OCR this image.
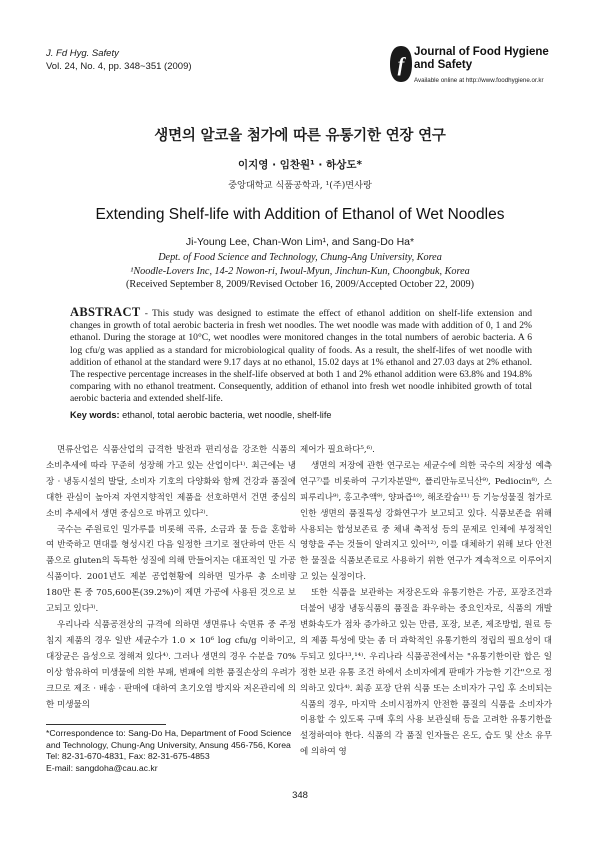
J. Fd Hyg. Safety
Vol. 24, No. 4, pp. 348~351 (2009)	f
Journal of Food Hygiene
and Safety
Available online at http://www.foodhygiene.or.kr
생면의 알코올 첨가에 따른 유통기한 연장 연구
이지영 · 임찬원¹ · 하상도*
중앙대학교 식품공학과, ¹(주)면사랑
Extending Shelf-life with Addition of Ethanol of Wet Noodles
Ji-Young Lee, Chan-Won Lim¹, and Sang-Do Ha*
Dept. of Food Science and Technology, Chung-Ang University, Korea
¹Noodle-Lovers Inc, 14-2 Nowon-ri, Iwoul-Myun, Jinchun-Kun, Choongbuk, Korea
(Received September 8, 2009/Revised October 16, 2009/Accepted October 22, 2009)
ABSTRACT - This study was designed to estimate the effect of ethanol addition on shelf-life extension and changes in growth of total aerobic bacteria in fresh wet noodles. The wet noodle was made with addition of 0, 1 and 2% ethanol. During the storage at 10°C, wet noodles were monitored changes in the total numbers of aerobic bacteria. A 6 log cfu/g was applied as a standard for microbiological quality of foods. As a result, the shelf-lifes of wet noodle with addition of ethanol at the standard were 9.17 days at no ethanol, 15.02 days at 1% ethanol and 27.03 days at 2% ethanol. The respective percentage increases in the shelf-life observed at both 1 and 2% ethanol addition were 63.8% and 194.8% comparing with no ethanol treatment. Consequently, addition of ethanol into fresh wet noodle inhibited growth of total aerobic bacteria and extended shelf-life.
Key words: ethanol, total aerobic bacteria, wet noodle, shelf-life

면류산업은 식품산업의 급격한 발전과 편리성을 강조한 식품의 소비추세에 따라 꾸준히 성장해 가고 있는 산업이다¹⁾. 최근에는 냉장 · 냉동시설의 발달, 소비자 기호의 다양화와 함께 건강과 품질에 대한 관심이 높아져 자연지향적인 제품을 선호하면서 건면 중심의 소비 추세에서 생면 중심으로 바뀌고 있다²⁾.

국수는 주원료인 밀가루를 비롯해 곡류, 소금과 물 등을 혼합하여 반죽하고 면대를 형성시킨 다음 일정한 크기로 절단하여 만든 식품으로 gluten의 독특한 성질에 의해 만들어지는 대표적인 밀 가공식품이다. 2001년도 제분 공업현황에 의하면 밀가루 총 소비량 180만 톤 중 705,600톤(39.2%)이 제면 가공에 사용된 것으로 보고되고 있다³⁾.

우리나라 식품공전상의 규격에 의하면 생면류나 숙면류 중 주정 침지 제품의 경우 일반 세균수가 1.0 × 10⁶ log cfu/g 이하이고, 대장균은 음성으로 정해져 있다⁴⁾. 그러나 생면의 경우 수분을 70% 이상 함유하여 미생물에 의한 부패, 변패에 의한 품질손상의 우려가 크므로 제조 · 배송 · 판매에 대하여 초기오염 방지와 저온관리에 의한 미생물의

제어가 필요하다⁵,⁶⁾.

생면의 저장에 관한 연구로는 세균수에 의한 국수의 저장성 예측 연구⁷⁾를 비롯하여 구기자분말⁸⁾, 폴리만뉴로닉산⁹⁾, Pediocin⁸⁾, 스피루리나⁹⁾, 홍고추액⁹⁾, 양파즙¹⁰⁾, 해조칼슘¹¹⁾ 등 기능성물질 첨가로 인한 생면의 품질특성 강화연구가 보고되고 있다. 식품보존을 위해 사용되는 합성보존료 중 체내 축적성 등의 문제로 인체에 부정적인 영향을 주는 것들이 알려지고 있어¹²⁾, 이를 대체하기 위해 보다 안전한 물질을 식품보존료로 사용하기 위한 연구가 계속적으로 이루어지고 있는 실정이다.

또한 식품을 보관하는 저장온도와 유통기한은 가공, 포장조건과 더불어 냉장 냉동식품의 품질을 좌우하는 중요인자로, 식품의 개발 변화속도가 점차 증가하고 있는 만큼, 포장, 보존, 제조방법, 원료 등의 제품 특성에 맞는 좀 더 과학적인 유통기한의 정립의 필요성이 대두되고 있다¹³,¹⁴⁾. 우리나라 식품공전에서는 "유통기한이란 합은 일정한 보관 유통 조건 하에서 소비자에게 판매가 가능한 기간"으로 정의하고 있다⁴⁾. 최종 포장 단위 식품 또는 소비자가 구입 후 소비되는 식품의 경우, 마지막 소비시점까지 안전한 품질의 식품을 소비자가 이용할 수 있도록 구매 후의 사용 보관실태 등을 고려한 유통기한을 설정하여야 한다. 식품의 각 품질 인자들은 온도, 습도 및 산소 유무에 의하여 영

*Correspondence to: Sang-Do Ha, Department of Food Science and Technology, Chung-Ang University, Ansung 456-756, Korea
Tel: 82-31-670-4831, Fax: 82-31-675-4853
E-mail: sangdoha@cau.ac.kr
348
